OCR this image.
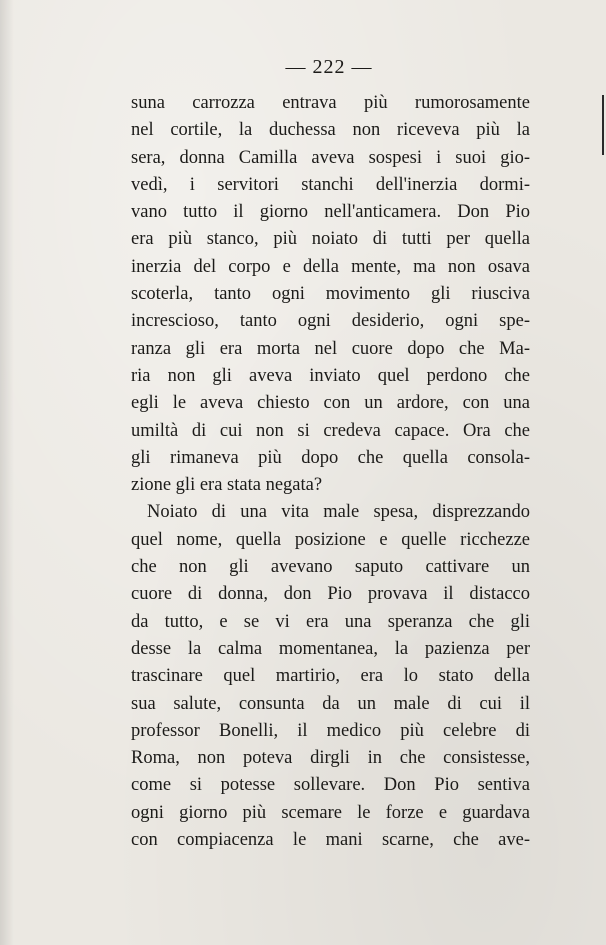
— 222 —
suna carrozza entrava più rumorosamente
nel cortile, la duchessa non riceveva più la
sera, donna Camilla aveva sospesi i suoi gio-
vedì, i servitori stanchi dell'inerzia dormi-
vano tutto il giorno nell'anticamera. Don Pio
era più stanco, più noiato di tutti per quella
inerzia del corpo e della mente, ma non osava
scoterla, tanto ogni movimento gli riusciva
increscioso, tanto ogni desiderio, ogni spe-
ranza gli era morta nel cuore dopo che Ma-
ria non gli aveva inviato quel perdono che
egli le aveva chiesto con un ardore, con una
umiltà di cui non si credeva capace. Ora che
gli rimaneva più dopo che quella consola-
zione gli era stata negata?
Noiato di una vita male spesa, disprezzando
quel nome, quella posizione e quelle ricchezze
che non gli avevano saputo cattivare un
cuore di donna, don Pio provava il distacco
da tutto, e se vi era una speranza che gli
desse la calma momentanea, la pazienza per
trascinare quel martirio, era lo stato della
sua salute, consunta da un male di cui il
professor Bonelli, il medico più celebre di
Roma, non poteva dirgli in che consistesse,
come si potesse sollevare. Don Pio sentiva
ogni giorno più scemare le forze e guardava
con compiacenza le mani scarne, che ave-
